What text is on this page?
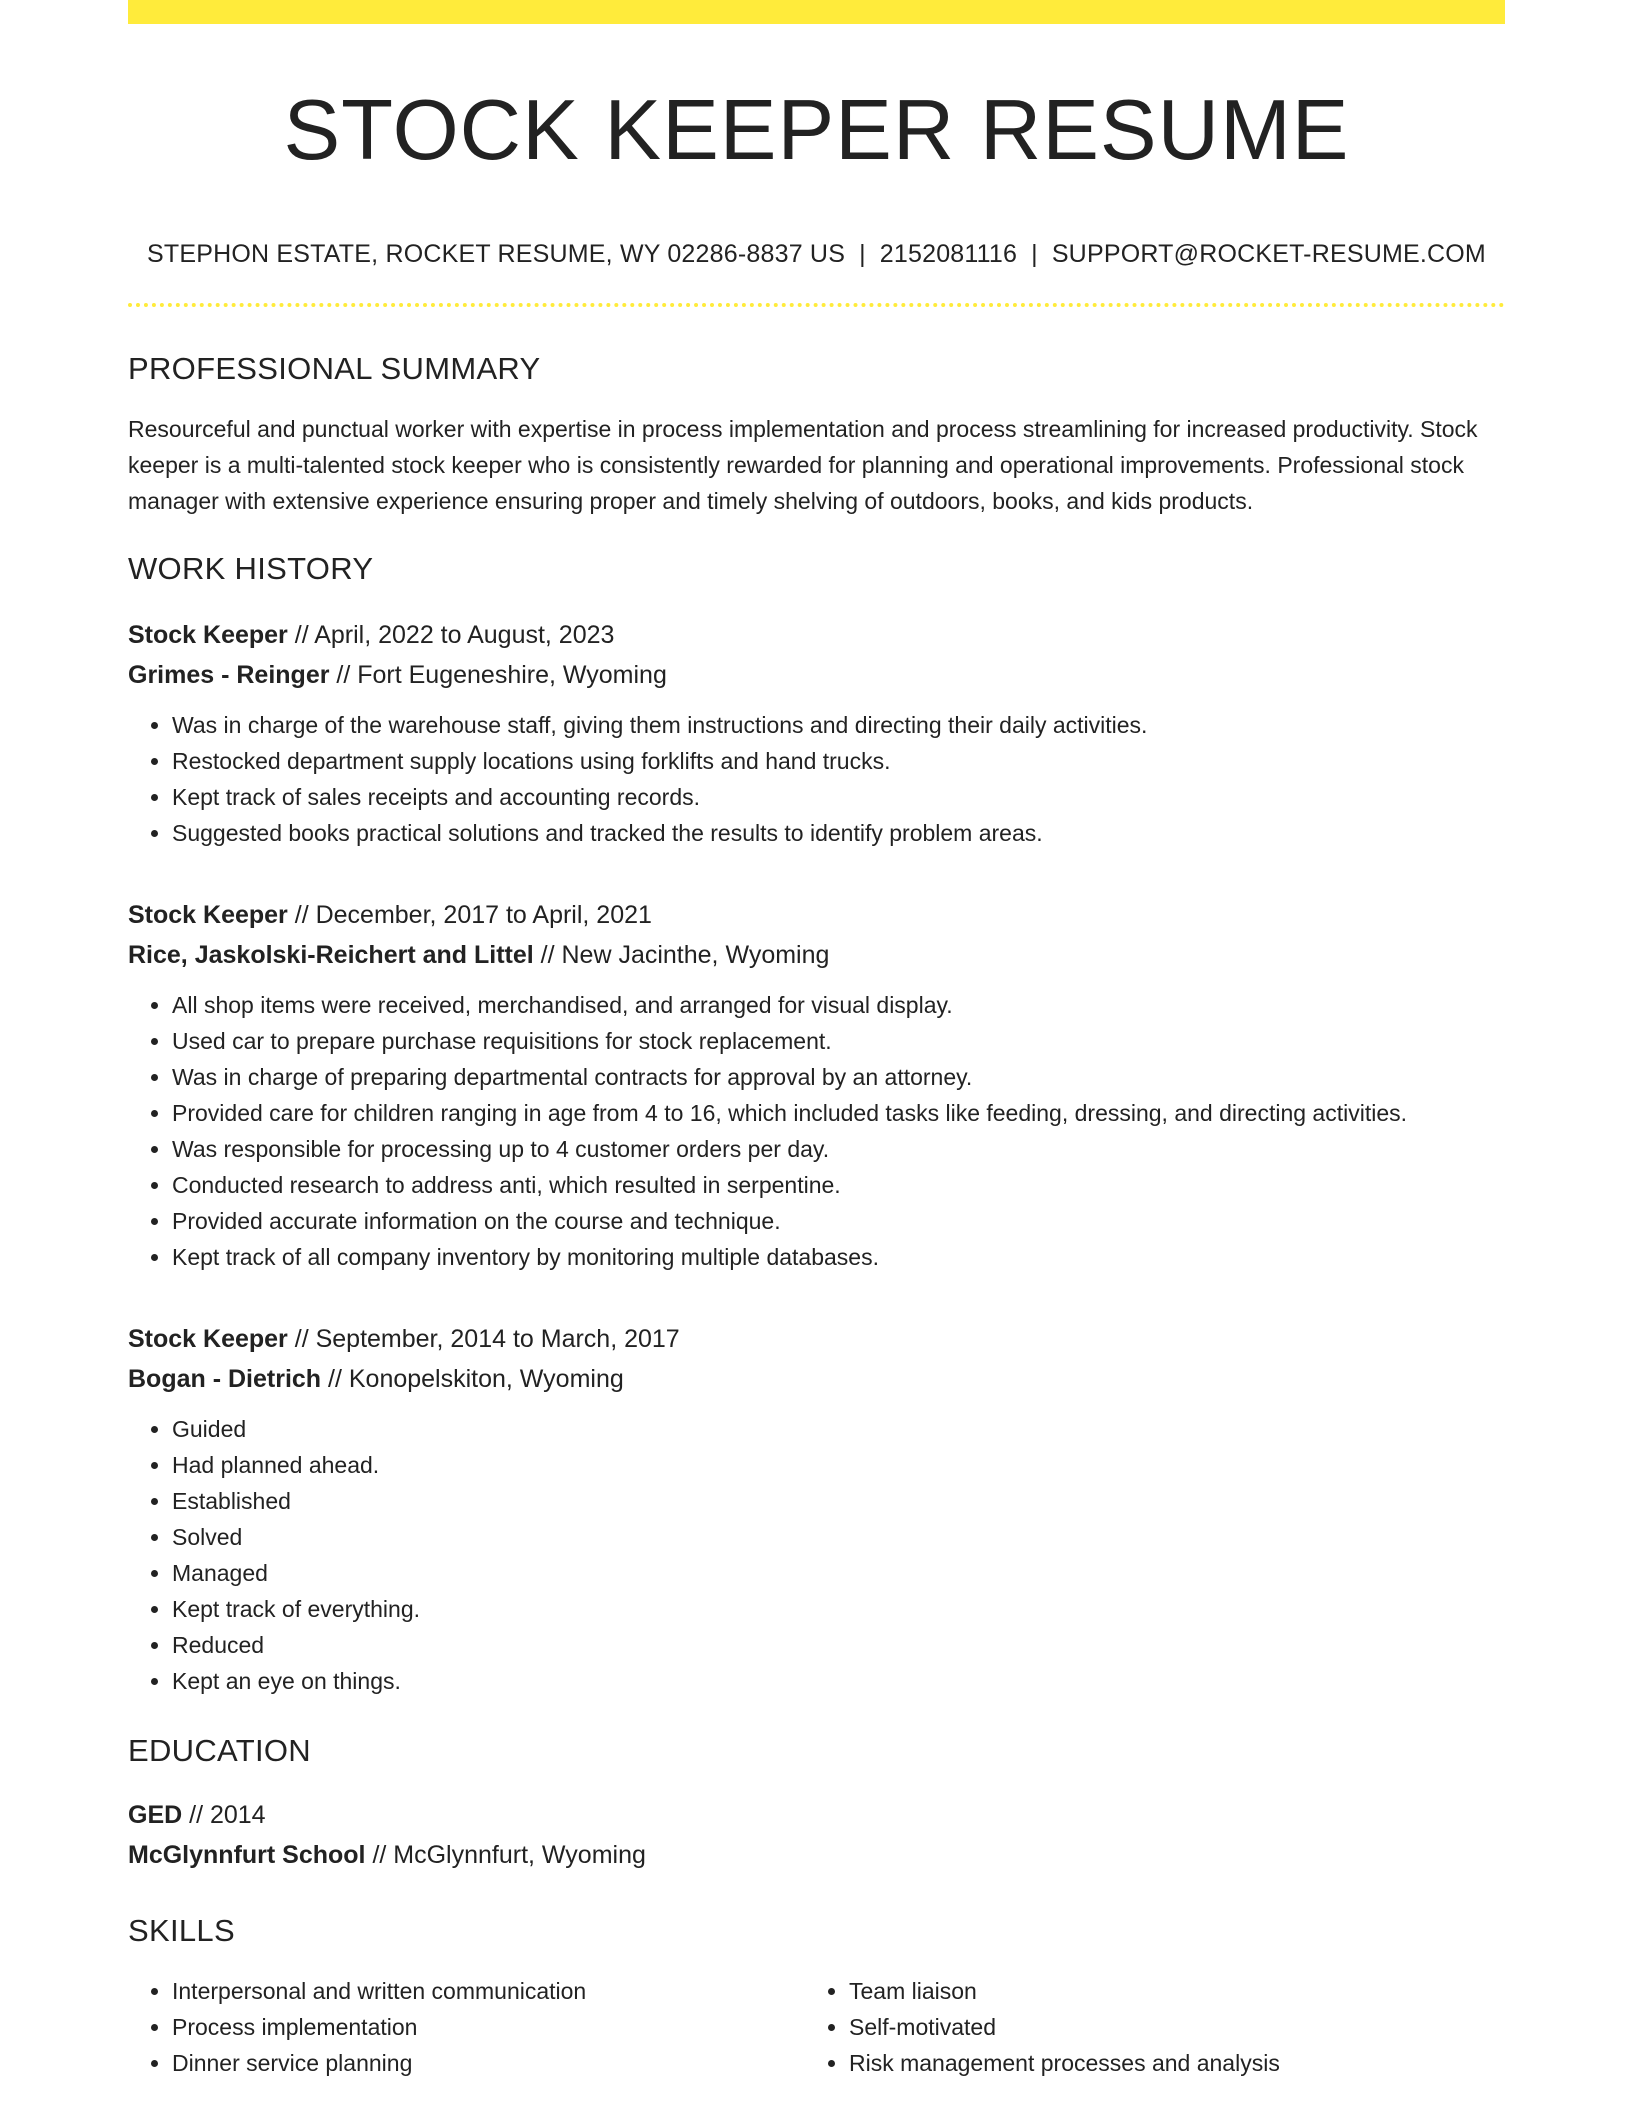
STOCK KEEPER RESUME
STEPHON ESTATE, ROCKET RESUME, WY 02286-8837 US | 2152081116 | SUPPORT@ROCKET-RESUME.COM
PROFESSIONAL SUMMARY
Resourceful and punctual worker with expertise in process implementation and process streamlining for increased productivity. Stock keeper is a multi-talented stock keeper who is consistently rewarded for planning and operational improvements. Professional stock manager with extensive experience ensuring proper and timely shelving of outdoors, books, and kids products.
WORK HISTORY
Stock Keeper // April, 2022 to August, 2023
Grimes - Reinger // Fort Eugeneshire, Wyoming
• Was in charge of the warehouse staff, giving them instructions and directing their daily activities.
• Restocked department supply locations using forklifts and hand trucks.
• Kept track of sales receipts and accounting records.
• Suggested books practical solutions and tracked the results to identify problem areas.
Stock Keeper // December, 2017 to April, 2021
Rice, Jaskolski-Reichert and Littel // New Jacinthe, Wyoming
• All shop items were received, merchandised, and arranged for visual display.
• Used car to prepare purchase requisitions for stock replacement.
• Was in charge of preparing departmental contracts for approval by an attorney.
• Provided care for children ranging in age from 4 to 16, which included tasks like feeding, dressing, and directing activities.
• Was responsible for processing up to 4 customer orders per day.
• Conducted research to address anti, which resulted in serpentine.
• Provided accurate information on the course and technique.
• Kept track of all company inventory by monitoring multiple databases.
Stock Keeper // September, 2014 to March, 2017
Bogan - Dietrich // Konopelskiton, Wyoming
• Guided
• Had planned ahead.
• Established
• Solved
• Managed
• Kept track of everything.
• Reduced
• Kept an eye on things.
EDUCATION
GED // 2014
McGlynnfurt School // McGlynnfurt, Wyoming
SKILLS
• Interpersonal and written communication
• Process implementation
• Dinner service planning
• Team liaison
• Self-motivated
• Risk management processes and analysis
